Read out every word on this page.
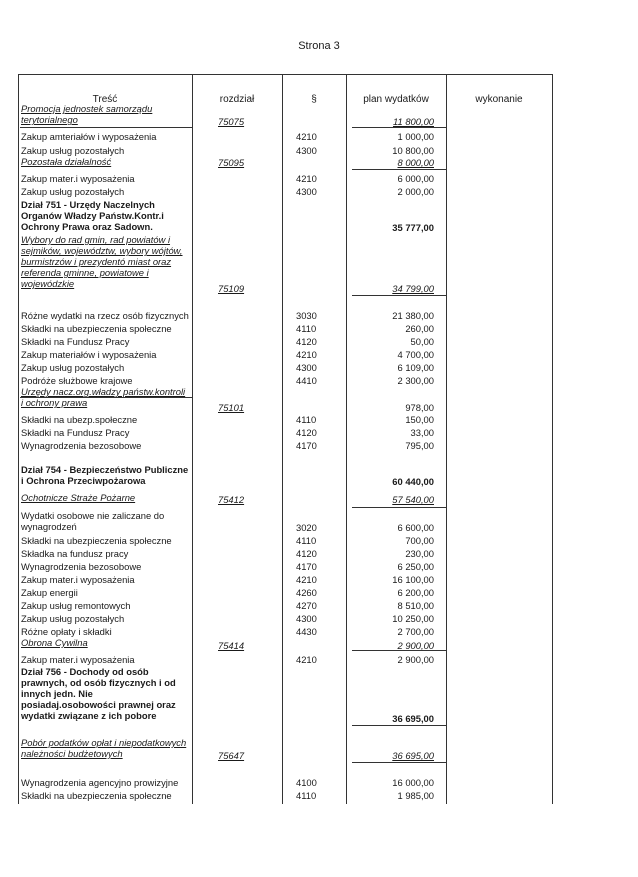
Strona 3
Treść	rozdział	§	plan wydatków	wykonanie
Promocja jednostek samorządu terytorialnego	75075	11 800,00
Zakup amteriałów i wyposażenia	4210	1 000,00
Zakup usług pozostałych	4300	10 800,00
Pozostała działalność	75095	8 000,00
Zakup mater.i wyposażenia	4210	6 000,00
Zakup usług pozostałych	4300	2 000,00
Dział 751 - Urzędy Naczelnych Organów Władzy Państw.Kontr.i Ochrony Prawa oraz Sadown.	35 777,00
Wybory do rad gmin, rad powiatów i sejmików, województw, wybory wójtów, burmistrzów i prezydentó miast oraz referenda gminne, powiatowe i wojewódzkie	75109	34 799,00
Różne wydatki na rzecz osób fizycznych	3030	21 380,00
Składki na ubezpieczenia społeczne	4110	260,00
Składki na Fundusz Pracy	4120	50,00
Zakup materiałów i wyposażenia	4210	4 700,00
Zakup usług pozostałych	4300	6 109,00
Podróże służbowe krajowe	4410	2 300,00
Urzędy nacz.org.władzy państw.kontroli i ochrony prawa	75101	978,00
Składki na ubezp.społeczne	4110	150,00
Składki na Fundusz Pracy	4120	33,00
Wynagrodzenia bezosobowe	4170	795,00
Dział 754 - Bezpieczeństwo Publiczne i Ochrona Przeciwpożarowa	60 440,00
Ochotnicze Straże Pożarne	75412	57 540,00
Wydatki osobowe nie zaliczane do wynagrodzeń	3020	6 600,00
Składki na ubezpieczenia społeczne	4110	700,00
Składka na fundusz pracy	4120	230,00
Wynagrodzenia bezosobowe	4170	6 250,00
Zakup mater.i wyposażenia	4210	16 100,00
Zakup energii	4260	6 200,00
Zakup usług remontowych	4270	8 510,00
Zakup usług pozostałych	4300	10 250,00
Różne opłaty i składki	4430	2 700,00
Obrona Cywilna	75414	2 900,00
Zakup mater.i wyposażenia	4210	2 900,00
Dział 756 - Dochody od osób prawnych, od osób fizycznych i od innych jedn. Nie posiadaj.osobowości prawnej oraz wydatki związane z ich pobore	36 695,00
Pobór podatków opłat i niepodatkowych należności budżetowych	75647	36 695,00
Wynagrodzenia agencyjno prowizyjne	4100	16 000,00
Składki na ubezpieczenia społeczne	4110	1 985,00
